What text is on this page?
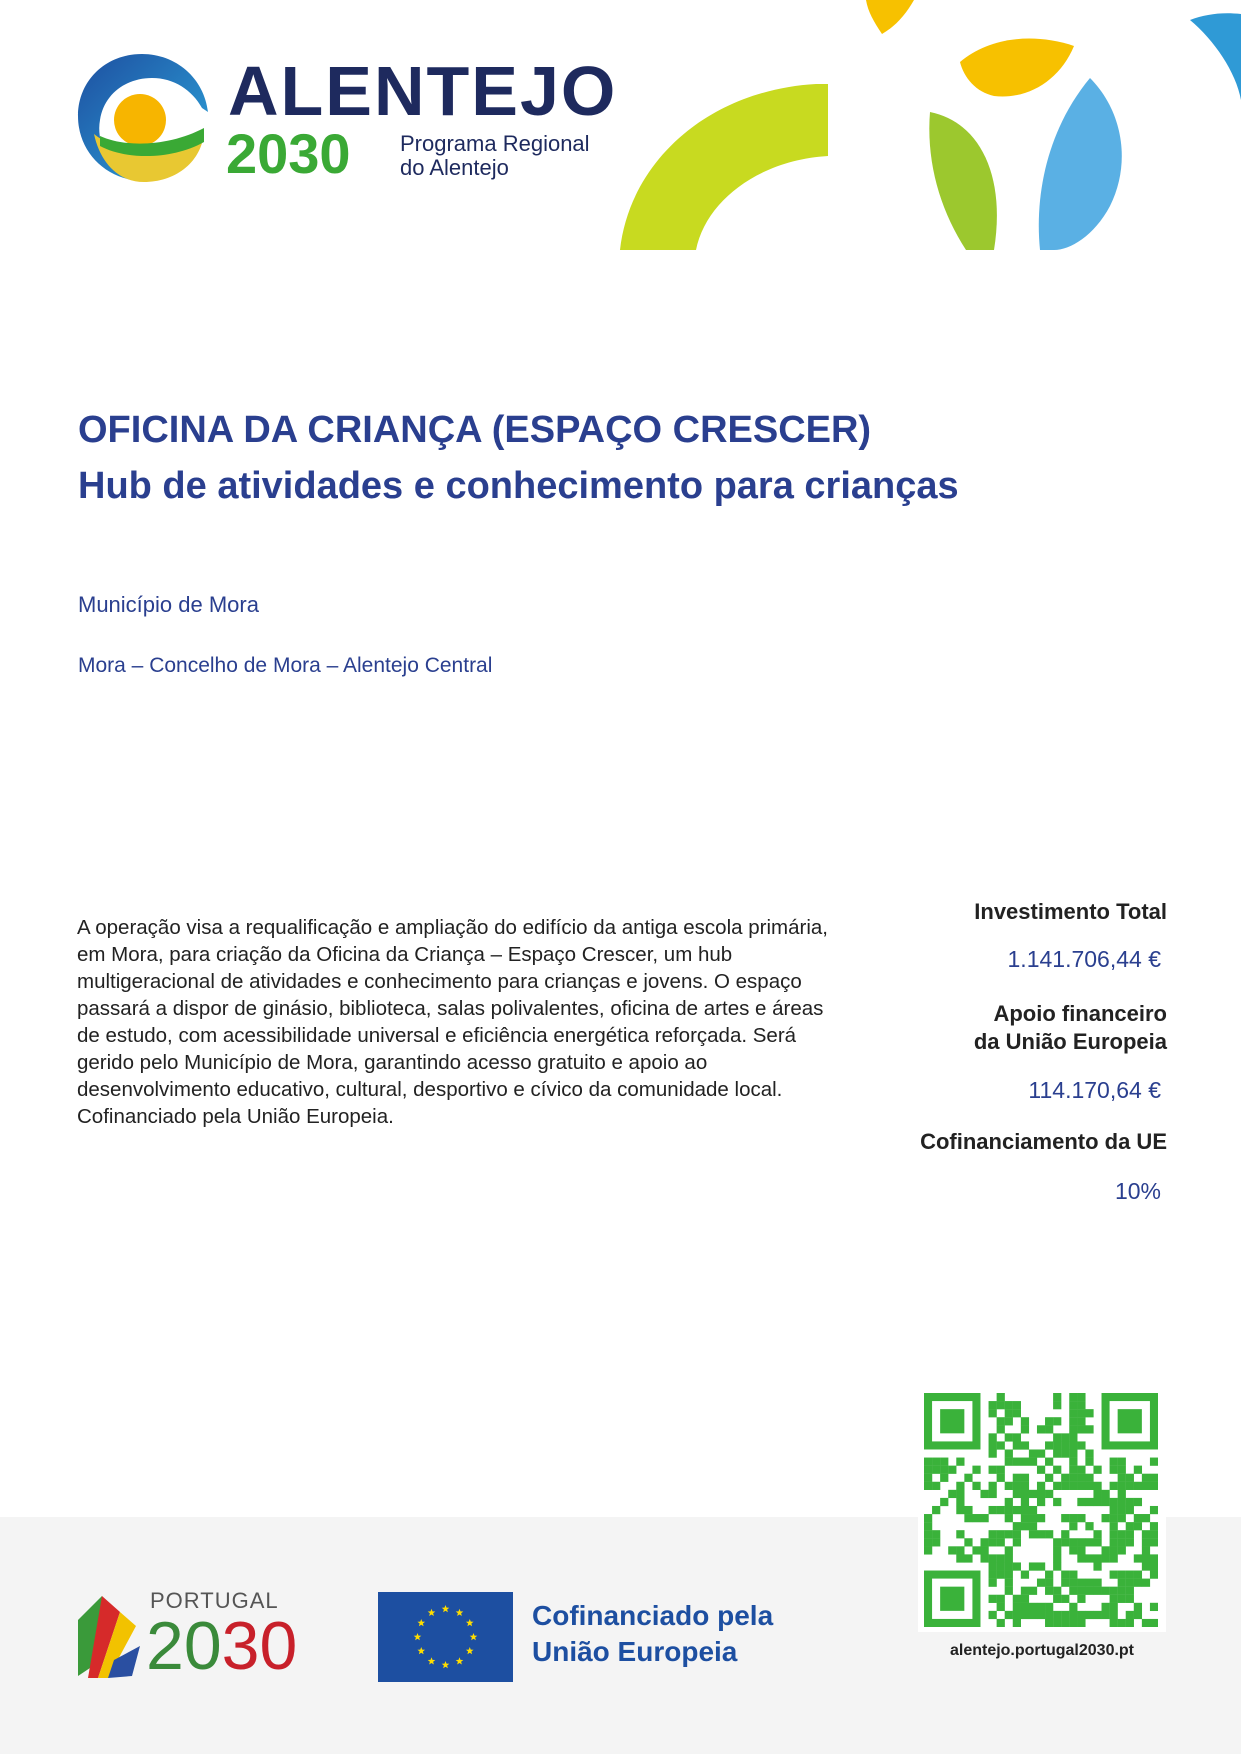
ALENTEJO
2030 Programa Regional
do Alentejo
OFICINA DA CRIANÇA (ESPAÇO CRESCER)
Hub de atividades e conhecimento para crianças
Município de Mora
Mora – Concelho de Mora – Alentejo Central
A operação visa a requalificação e ampliação do edifício da antiga escola primária, em Mora, para criação da Oficina da Criança – Espaço Crescer, um hub multigeracional de atividades e conhecimento para crianças e jovens. O espaço passará a dispor de ginásio, biblioteca, salas polivalentes, oficina de artes e áreas de estudo, com acessibilidade universal e eficiência energética reforçada. Será gerido pelo Município de Mora, garantindo acesso gratuito e apoio ao desenvolvimento educativo, cultural, desportivo e cívico da comunidade local. Cofinanciado pela União Europeia.
Investimento Total
1.141.706,44 €
Apoio financeiro
da União Europeia
114.170,64 €
Cofinanciamento da UE
10%
alentejo.portugal2030.pt
PORTUGAL
2030	Cofinanciado pela
União Europeia
